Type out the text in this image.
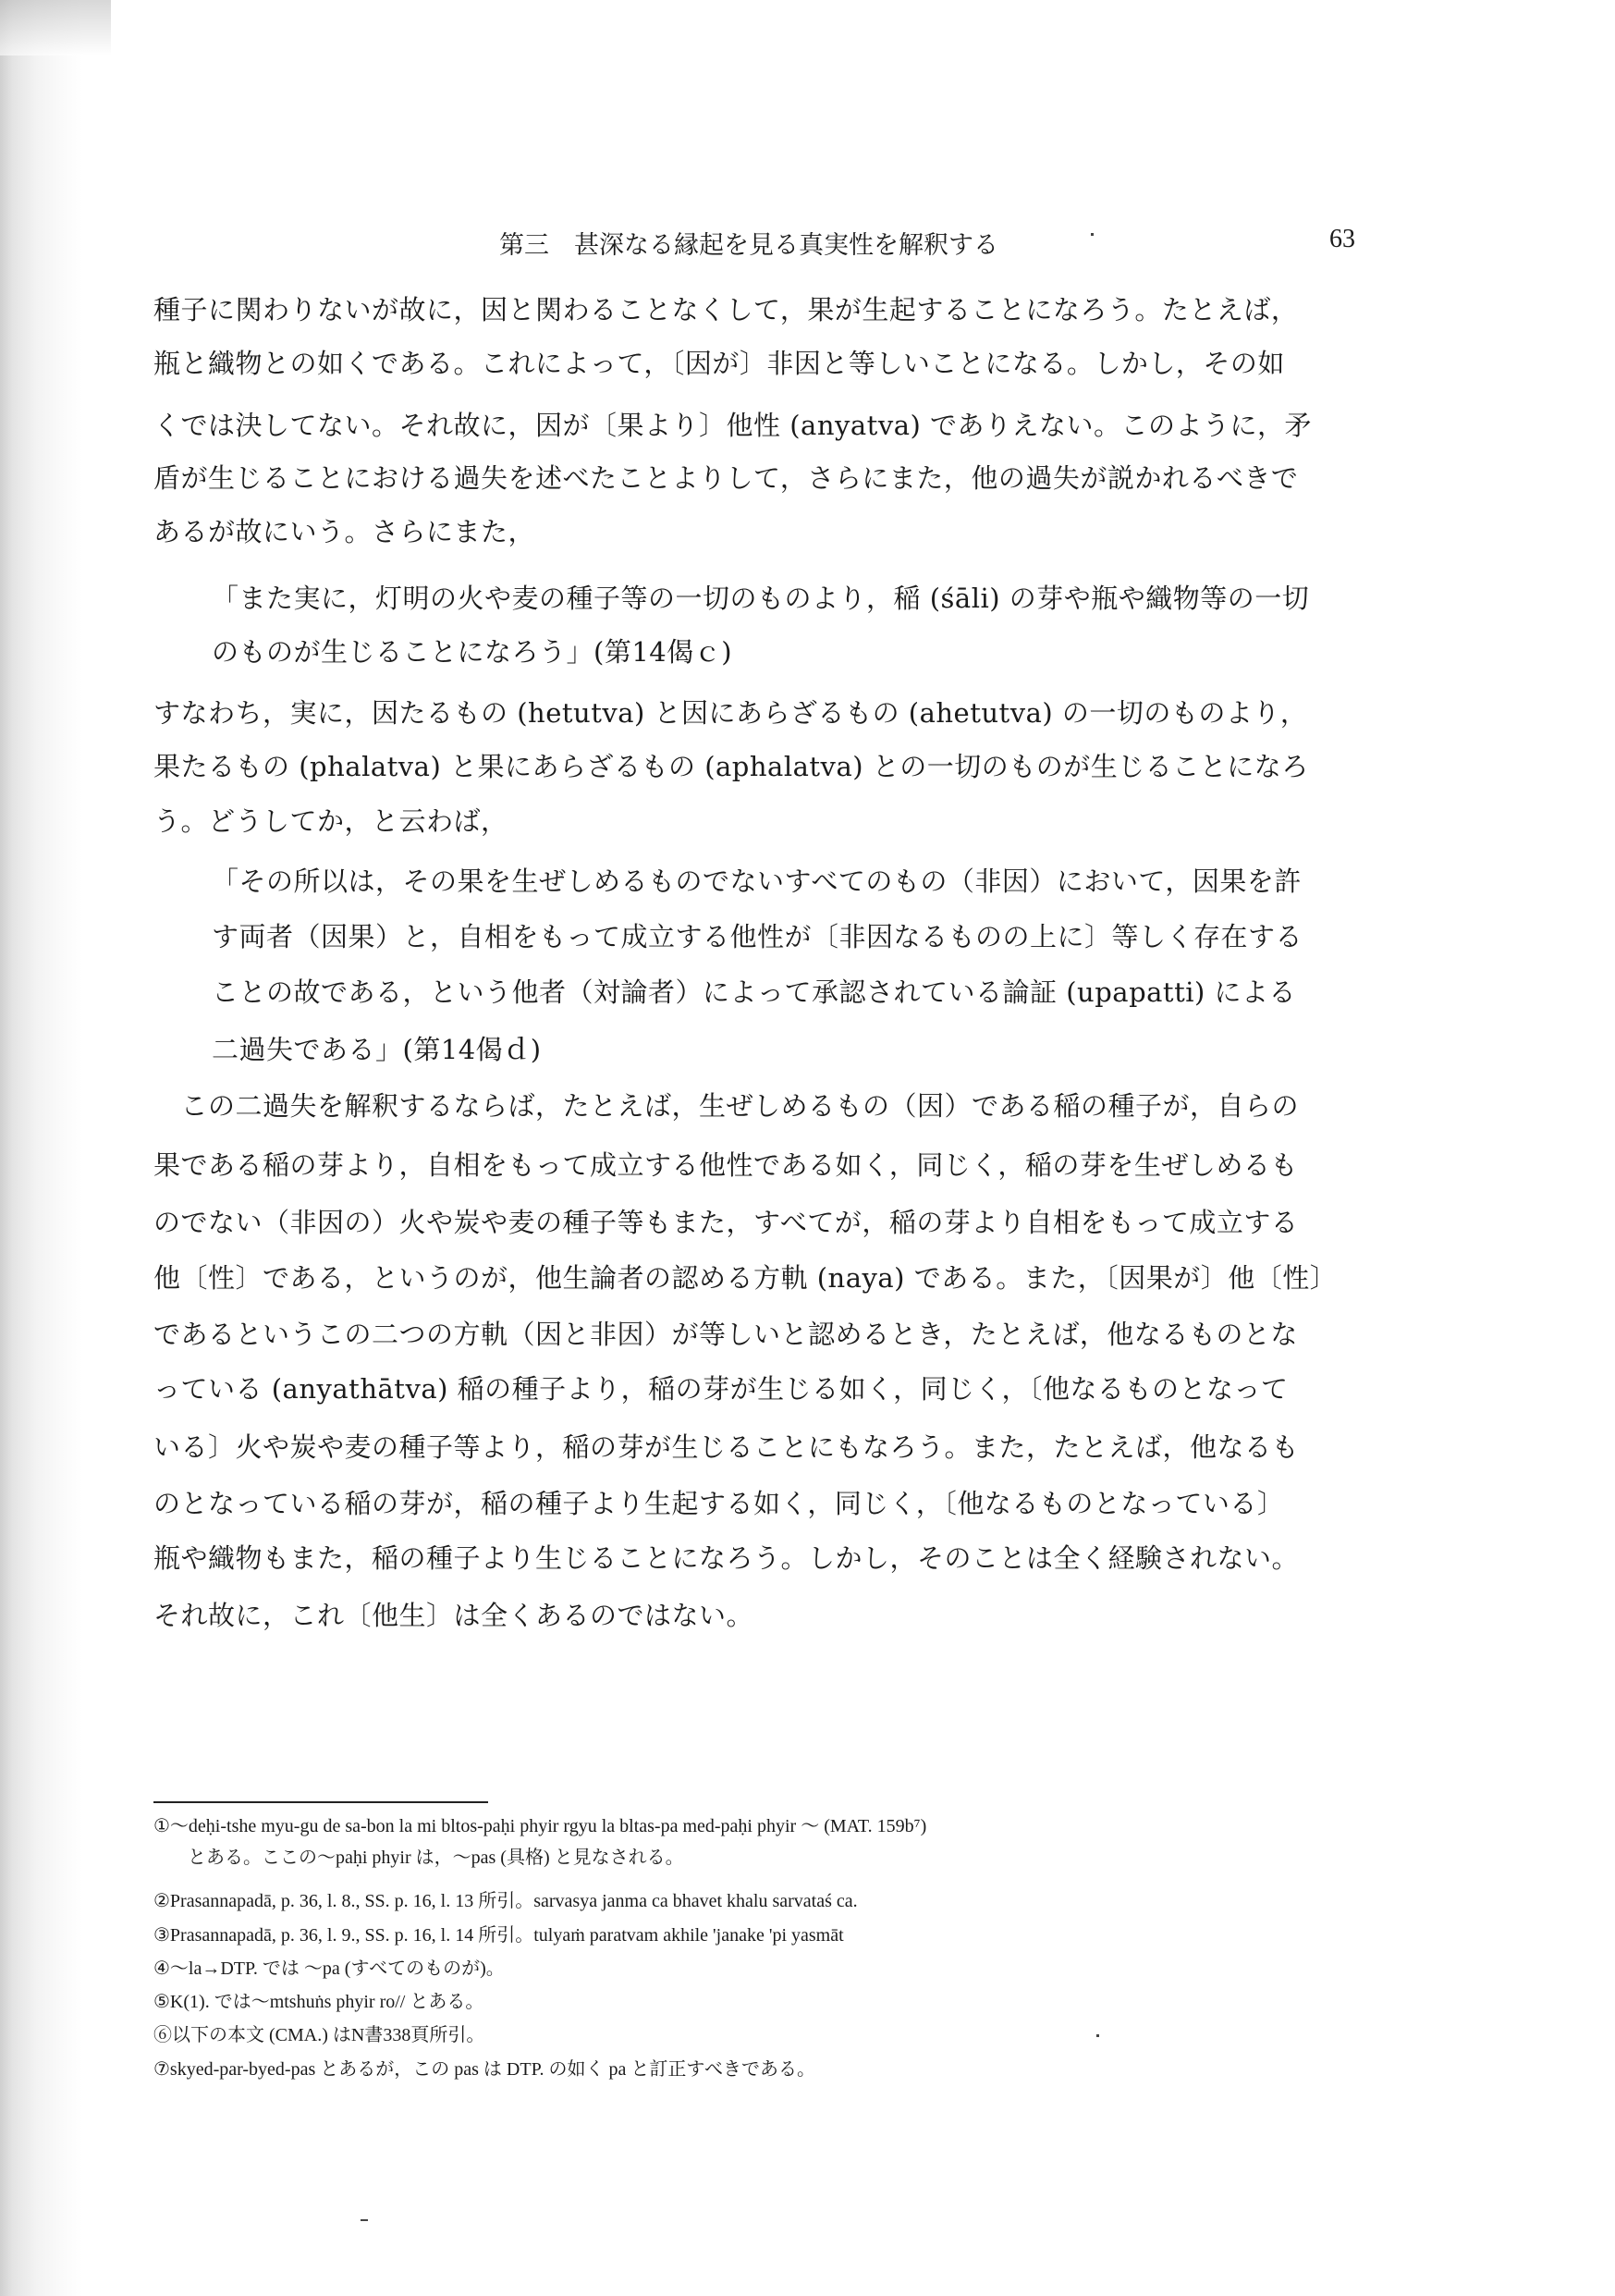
第三　甚深なる縁起を見る真実性を解釈する	63
種子に関わりないが故に，因と関わることなくして，果が生起することになろう。たとえば，
瓶と織物との如くである。これによって，〔因が〕非因と等しいことになる。しかし，その如
くでは決してない。それ故に，因が〔果より〕他性 (anyatva) でありえない。このように，矛
盾が生じることにおける過失を述べたことよりして，さらにまた，他の過失が説かれるべきで
あるが故にいう。さらにまた，
「また実に，灯明の火や麦の種子等の一切のものより，稲 (śāli) の芽や瓶や織物等の一切
のものが生じることになろう」(第14偈ｃ)
すなわち，実に，因たるもの (hetutva) と因にあらざるもの (ahetutva) の一切のものより，
果たるもの (phalatva) と果にあらざるもの (aphalatva) との一切のものが生じることになろ
う。どうしてか，と云わば，
「その所以は，その果を生ぜしめるものでないすべてのもの（非因）において，因果を許
す両者（因果）と，自相をもって成立する他性が〔非因なるものの上に〕等しく存在する
ことの故である，という他者（対論者）によって承認されている論証 (upapatti) による
二過失である」(第14偈ｄ)
　この二過失を解釈するならば，たとえば，生ぜしめるもの（因）である稲の種子が，自らの
果である稲の芽より，自相をもって成立する他性である如く，同じく，稲の芽を生ぜしめるも
のでない（非因の）火や炭や麦の種子等もまた，すべてが，稲の芽より自相をもって成立する
他〔性〕である，というのが，他生論者の認める方軌 (naya) である。また，〔因果が〕他〔性〕
であるというこの二つの方軌（因と非因）が等しいと認めるとき，たとえば，他なるものとな
っている (anyathātva) 稲の種子より，稲の芽が生じる如く，同じく，〔他なるものとなって
いる〕火や炭や麦の種子等より，稲の芽が生じることにもなろう。また，たとえば，他なるも
のとなっている稲の芽が，稲の種子より生起する如く，同じく，〔他なるものとなっている〕
瓶や織物もまた，稲の種子より生じることになろう。しかし，そのことは全く経験されない。
それ故に，これ〔他生〕は全くあるのではない。
①～deḥi-tshe myu-gu de sa-bon la mi bltos-paḥi phyir rgyu la bltas-pa med-paḥi phyir ～ (MAT. 159b⁷)
とある。ここの～paḥi phyir は，～pas (具格) と見なされる。
②Prasannapadā, p. 36, l. 8., SS. p. 16, l. 13 所引。sarvasya janma ca bhavet khalu sarvataś ca.
③Prasannapadā, p. 36, l. 9., SS. p. 16, l. 14 所引。tulyaṁ paratvam akhile 'janake 'pi yasmāt
④～la→DTP. では ～pa (すべてのものが)。
⑤K(1). では～mtshuṅs phyir ro// とある。
⑥以下の本文 (CMA.) はN書338頁所引。
⑦skyed-par-byed-pas とあるが，この pas は DTP. の如く pa と訂正すべきである。
